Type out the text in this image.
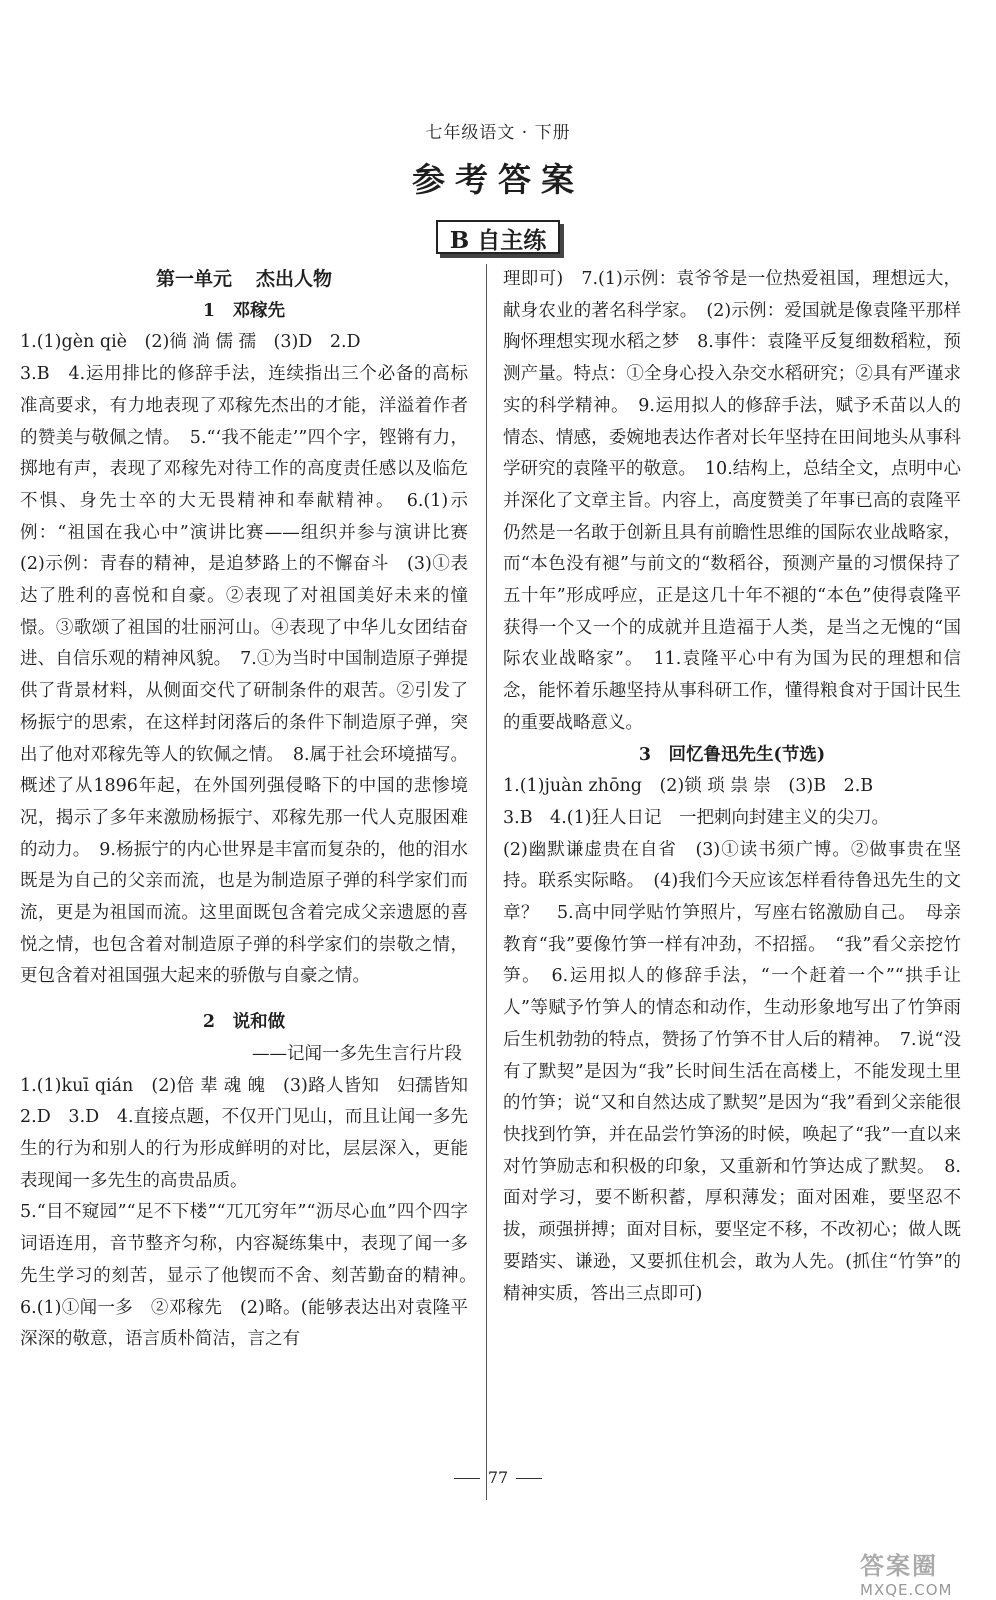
七年级语文 · 下册
参考答案
B 自主练
第一单元 杰出人物
1　邓稼先
1.(1)gèn qiè　(2)徜 淌 儒 孺　(3)D　2.D
3.B　4.运用排比的修辞手法，连续指出三个必备的高标准高要求，有力地表现了邓稼先杰出的才能，洋溢着作者的赞美与敬佩之情。　5.“‘我不能走’”四个字，铿锵有力，掷地有声，表现了邓稼先对待工作的高度责任感以及临危不惧、身先士卒的大无畏精神和奉献精神。　6.(1)示例：“祖国在我心中”演讲比赛——组织并参与演讲比赛　(2)示例：青春的精神，是追梦路上的不懈奋斗　(3)①表达了胜利的喜悦和自豪。②表现了对祖国美好未来的憧憬。③歌颂了祖国的壮丽河山。④表现了中华儿女团结奋进、自信乐观的精神风貌。　7.①为当时中国制造原子弹提供了背景材料，从侧面交代了研制条件的艰苦。②引发了杨振宁的思索，在这样封闭落后的条件下制造原子弹，突出了他对邓稼先等人的钦佩之情。　8.属于社会环境描写。概述了从1896年起，在外国列强侵略下的中国的悲惨境况，揭示了多年来激励杨振宁、邓稼先那一代人克服困难的动力。　9.杨振宁的内心世界是丰富而复杂的，他的泪水既是为自己的父亲而流，也是为制造原子弹的科学家们而流，更是为祖国而流。这里面既包含着完成父亲遗愿的喜悦之情，也包含着对制造原子弹的科学家们的崇敬之情，更包含着对祖国强大起来的骄傲与自豪之情。
2　说和做
——记闻一多先生言行片段
1.(1)kuī qián　(2)倍 辈 魂 魄　(3)路人皆知　妇孺皆知　2.D　3.D　4.直接点题，不仅开门见山，而且让闻一多先生的行为和别人的行为形成鲜明的对比，层层深入，更能表现闻一多先生的高贵品质。
5.“目不窥园”“足不下楼”“兀兀穷年”“沥尽心血”四个四字词语连用，音节整齐匀称，内容凝练集中，表现了闻一多先生学习的刻苦，显示了他锲而不舍、刻苦勤奋的精神。　6.(1)①闻一多　②邓稼先　(2)略。(能够表达出对袁隆平深深的敬意，语言质朴简洁，言之有
理即可)　7.(1)示例：袁爷爷是一位热爱祖国，理想远大，献身农业的著名科学家。　(2)示例：爱国就是像袁隆平那样胸怀理想实现水稻之梦　8.事件：袁隆平反复细数稻粒，预测产量。特点：①全身心投入杂交水稻研究；②具有严谨求实的科学精神。　9.运用拟人的修辞手法，赋予禾苗以人的情态、情感，委婉地表达作者对长年坚持在田间地头从事科学研究的袁隆平的敬意。　10.结构上，总结全文，点明中心并深化了文章主旨。内容上，高度赞美了年事已高的袁隆平仍然是一名敢于创新且具有前瞻性思维的国际农业战略家，而“本色没有褪”与前文的“数稻谷，预测产量的习惯保持了五十年”形成呼应，正是这几十年不褪的“本色”使得袁隆平获得一个又一个的成就并且造福于人类，是当之无愧的“国际农业战略家”。　11.袁隆平心中有为国为民的理想和信念，能怀着乐趣坚持从事科研工作，懂得粮食对于国计民生的重要战略意义。
3　回忆鲁迅先生(节选)
1.(1)juàn zhōng　(2)锁 琐 祟 崇　(3)B　2.B
3.B　4.(1)狂人日记　一把刺向封建主义的尖刀。
(2)幽默谦虚贵在自省　(3)①读书须广博。②做事贵在坚持。联系实际略。　(4)我们今天应该怎样看待鲁迅先生的文章？　5.高中同学贴竹笋照片，写座右铭激励自己。　母亲教育“我”要像竹笋一样有冲劲，不招摇。　“我”看父亲挖竹笋。　6.运用拟人的修辞手法，“一个赶着一个”“拱手让人”等赋予竹笋人的情态和动作，生动形象地写出了竹笋雨后生机勃勃的特点，赞扬了竹笋不甘人后的精神。　7.说“没有了默契”是因为“我”长时间生活在高楼上，不能发现土里的竹笋；说“又和自然达成了默契”是因为“我”看到父亲能很快找到竹笋，并在品尝竹笋汤的时候，唤起了“我”一直以来对竹笋励志和积极的印象，又重新和竹笋达成了默契。　8.面对学习，要不断积蓄，厚积薄发；面对困难，要坚忍不拔，顽强拼搏；面对目标，要坚定不移，不改初心；做人既要踏实、谦逊，又要抓住机会，敢为人先。(抓住“竹笋”的精神实质，答出三点即可)
77
答案圈
MXQE.COM
